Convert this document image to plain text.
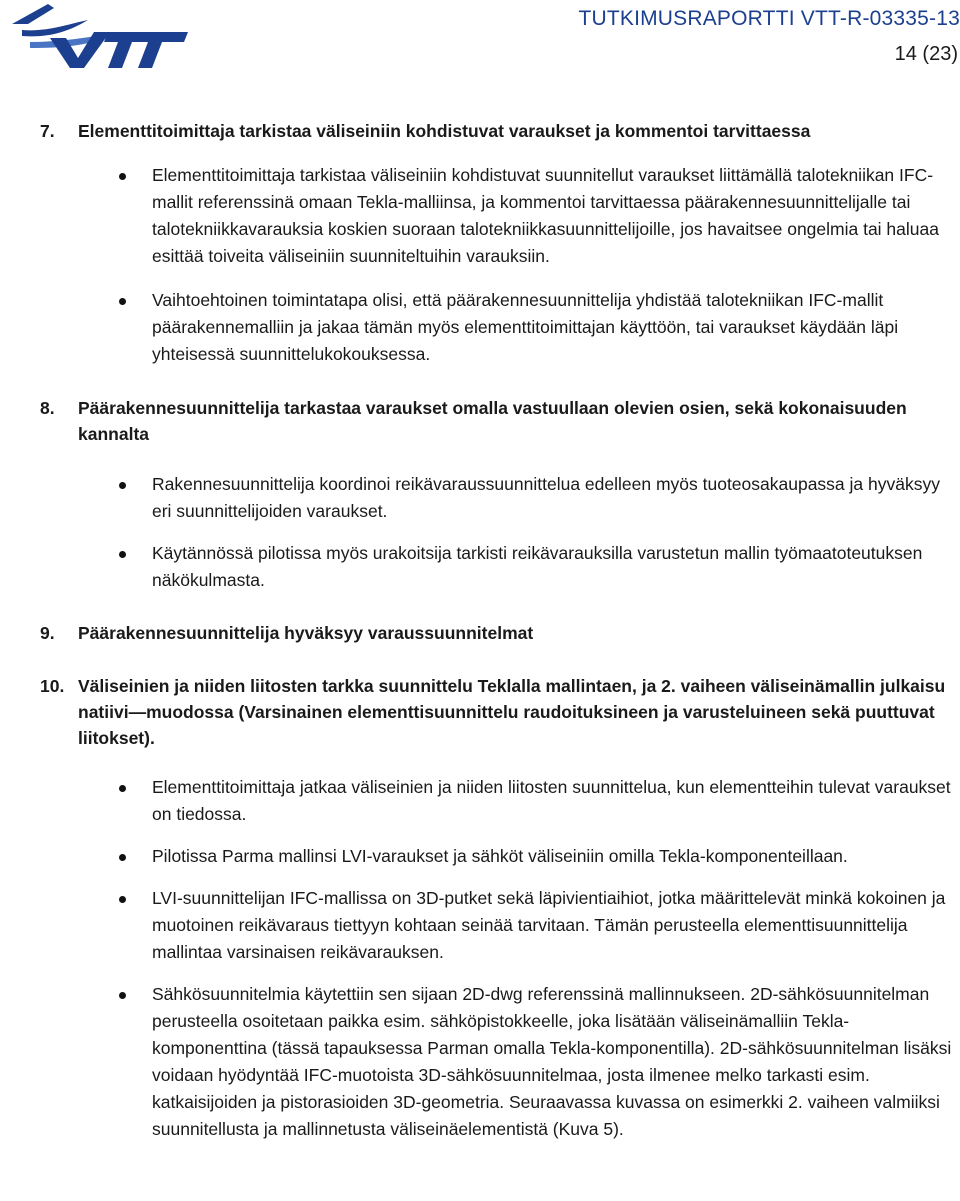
TUTKIMUSRAPORTTI VTT-R-03335-13
14 (23)
7.	Elementtitoimittaja tarkistaa väliseiniin kohdistuvat varaukset ja kommentoi tarvittaessa
Elementtitoimittaja tarkistaa väliseiniin kohdistuvat suunnitellut varaukset liittämällä talotekniikan IFC-mallit referenssinä omaan Tekla-malliinsa, ja kommentoi tarvittaessa päärakennesuunnittelijalle tai talotekniikkavarauksia koskien suoraan talotekniikkasuunnittelijoille, jos havaitsee ongelmia tai haluaa esittää toiveita väliseiniin suunniteltuihin varauksiin.
Vaihtoehtoinen toimintatapa olisi, että päärakennesuunnittelija yhdistää talotekniikan IFC-mallit päärakennemalliin ja jakaa tämän myös elementtitoimittajan käyttöön, tai varaukset käydään läpi yhteisessä suunnittelukokouksessa.
8.	Päärakennesuunnittelija tarkastaa varaukset omalla vastuullaan olevien osien, sekä kokonaisuuden kannalta
Rakennesuunnittelija koordinoi reikävaraussuunnittelua edelleen myös tuoteosakaupassa ja hyväksyy eri suunnittelijoiden varaukset.
Käytännössä pilotissa myös urakoitsija tarkisti reikävarauksilla varustetun mallin työmaatoteutuksen näkökulmasta.
9.	Päärakennesuunnittelija hyväksyy varaussuunnitelmat
10. Väliseinien ja niiden liitosten tarkka suunnittelu Teklalla mallintaen, ja 2. vaiheen väliseinämallin julkaisu natiivi—muodossa (Varsinainen elementtisuunnittelu raudoituksineen ja varusteluineen sekä puuttuvat liitokset).
Elementtitoimittaja jatkaa väliseinien ja niiden liitosten suunnittelua, kun elementteihin tulevat varaukset on tiedossa.
Pilotissa Parma mallinsi LVI-varaukset ja sähköt väliseiniin omilla Tekla-komponenteillaan.
LVI-suunnittelijan IFC-mallissa on 3D-putket sekä läpivientiaihiot, jotka määrittelevät minkä kokoinen ja muotoinen reikävaraus tiettyyn kohtaan seinää tarvitaan. Tämän perusteella elementtisuunnittelija mallintaa varsinaisen reikävarauksen.
Sähkösuunnitelmia käytettiin sen sijaan 2D-dwg referenssinä mallinnukseen. 2D-sähkösuunnitelman perusteella osoitetaan paikka esim. sähköpistokkeelle, joka lisätään väliseinämalliin Tekla-komponenttina (tässä tapauksessa Parman omalla Tekla-komponentilla). 2D-sähkösuunnitelman lisäksi voidaan hyödyntää IFC-muotoista 3D-sähkösuunnitelmaa, josta ilmenee melko tarkasti esim. katkaisijoiden ja pistorasioiden 3D-geometria. Seuraavassa kuvassa on esimerkki 2. vaiheen valmiiksi suunnitellusta ja mallinnetusta väliseinäelementistä (Kuva 5).
